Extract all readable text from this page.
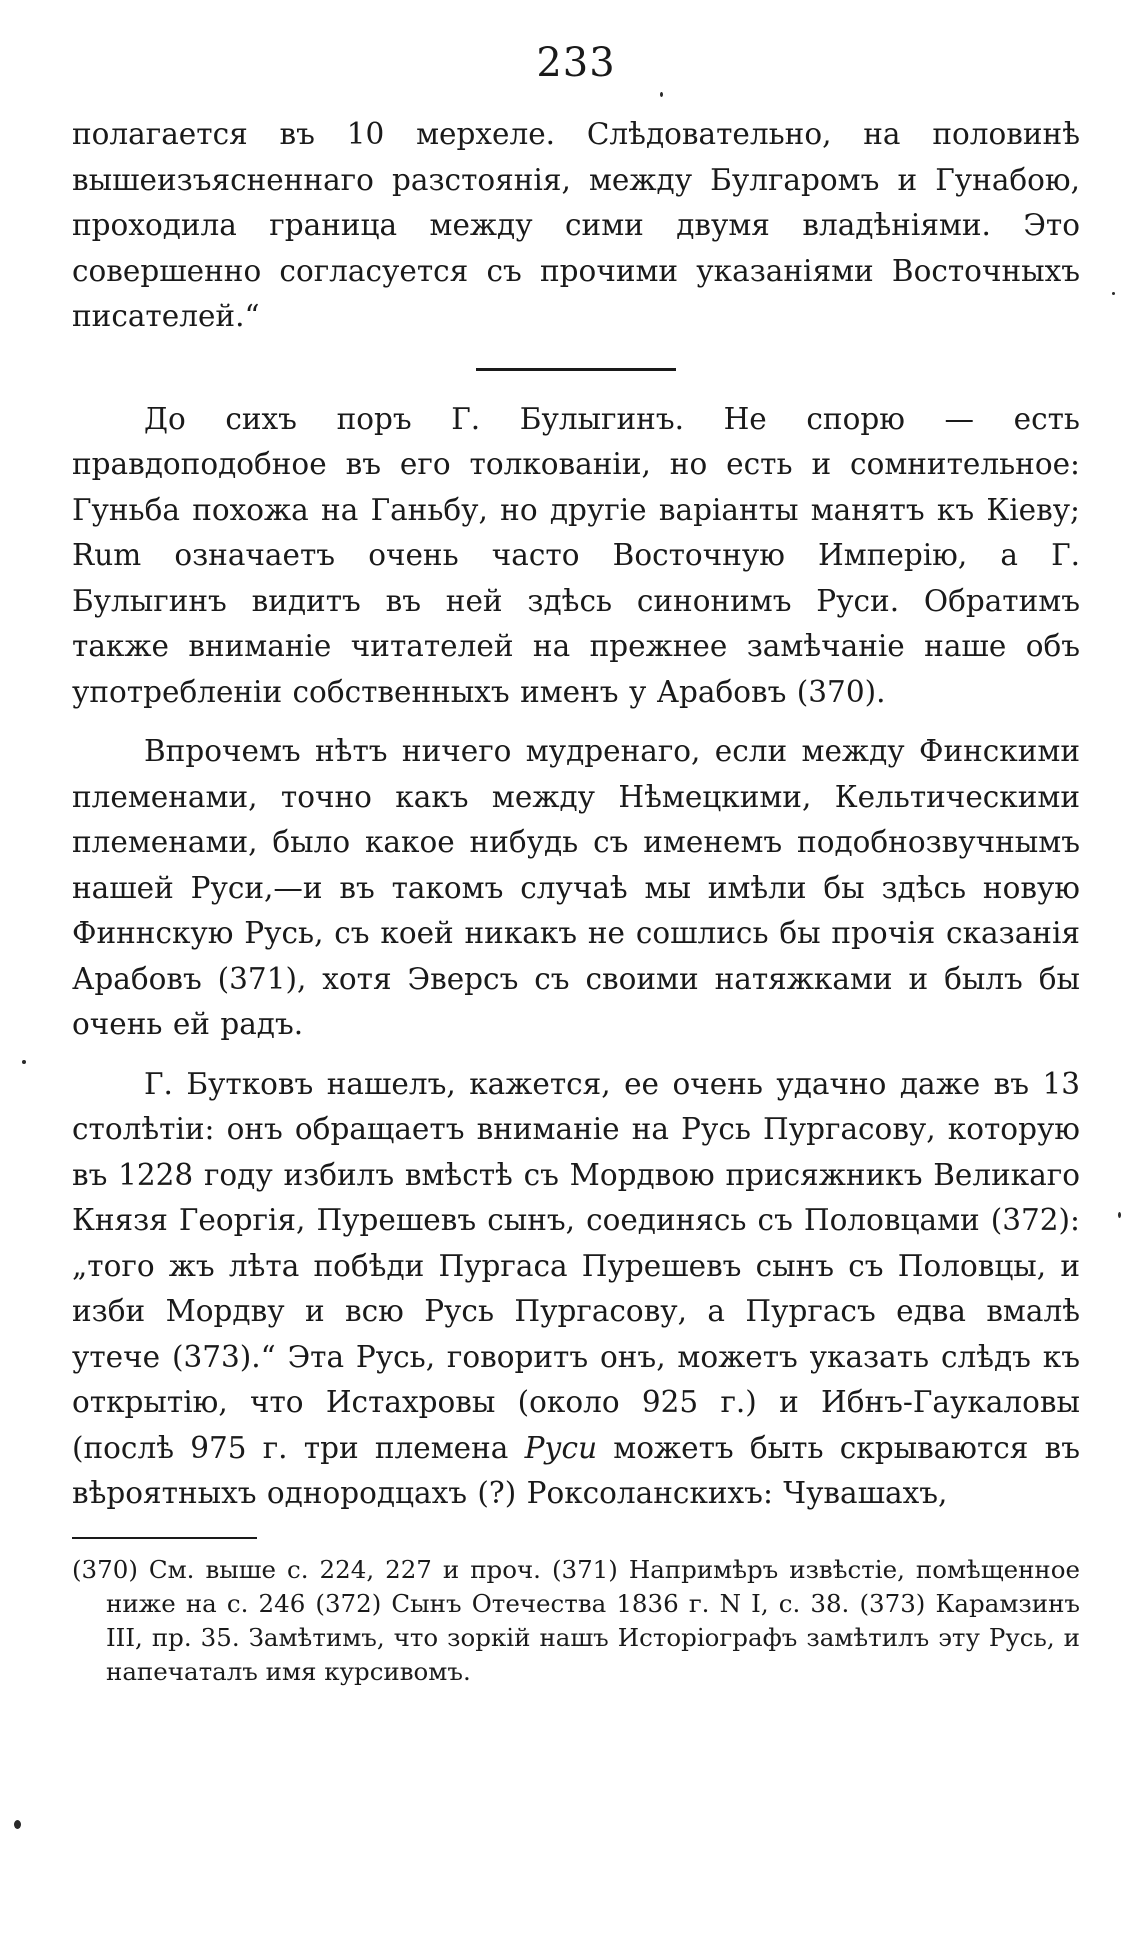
233

полагается въ 10 мерхеле. Слѣдовательно, на половинѣ вышеизъясненнаго разстоянія, между Булгаромъ и Гунабою, проходила граница между сими двумя владѣніями. Это совершенно согласуется съ прочими указаніями Восточныхъ писателей.“

До сихъ поръ Г. Булыгинъ. Не спорю — есть правдоподобное въ его толкованіи, но есть и сомнительное: Гуньба похожа на Ганьбу, но другіе варіанты манятъ къ Кіеву; Rum означаетъ очень часто Восточную Имперію, а Г. Булыгинъ видитъ въ ней здѣсь синонимъ Руси. Обратимъ также вниманіе читателей на прежнее замѣчаніе наше объ употребленіи собственныхъ именъ у Арабовъ (370).

Впрочемъ нѣтъ ничего мудренаго, если между Финскими племенами, точно какъ между Нѣмецкими, Кельтическими племенами, было какое нибудь съ именемъ подобнозвучнымъ нашей Руси,—и въ такомъ случаѣ мы имѣли бы здѣсь новую Финнскую Русь, съ коей никакъ не сошлись бы прочія сказанія Арабовъ (371), хотя Эверсъ съ своими натяжками и былъ бы очень ей радъ.

Г. Бутковъ нашелъ, кажется, ее очень удачно даже въ 13 столѣтіи: онъ обращаетъ вниманіе на Русь Пургасову, которую въ 1228 году избилъ вмѣстѣ съ Мордвою присяжникъ Великаго Князя Георгія, Пурешевъ сынъ, соединясь съ Половцами (372): „того жъ лѣта побѣди Пургаса Пурешевъ сынъ съ Половцы, и изби Мордву и всю Русь Пургасову, а Пургасъ едва вмалѣ утече (373).“ Эта Русь, говоритъ онъ, можетъ указать слѣдъ къ открытію, что Истахровы (около 925 г.) и Ибнъ-Гаукаловы (послѣ 975 г. три племена Руси можетъ быть скрываются въ вѣроятныхъ однородцахъ (?) Роксоланскихъ: Чувашахъ,

(370) См. выше с. 224, 227 и проч. (371) Напримѣръ извѣстіе, помѣщенное ниже на с. 246 (372) Сынъ Отечества 1836 г. N I, с. 38. (373) Карамзинъ III, пр. 35. Замѣтимъ, что зоркій нашъ Исторіографъ замѣтилъ эту Русь, и напечаталъ имя курсивомъ.
